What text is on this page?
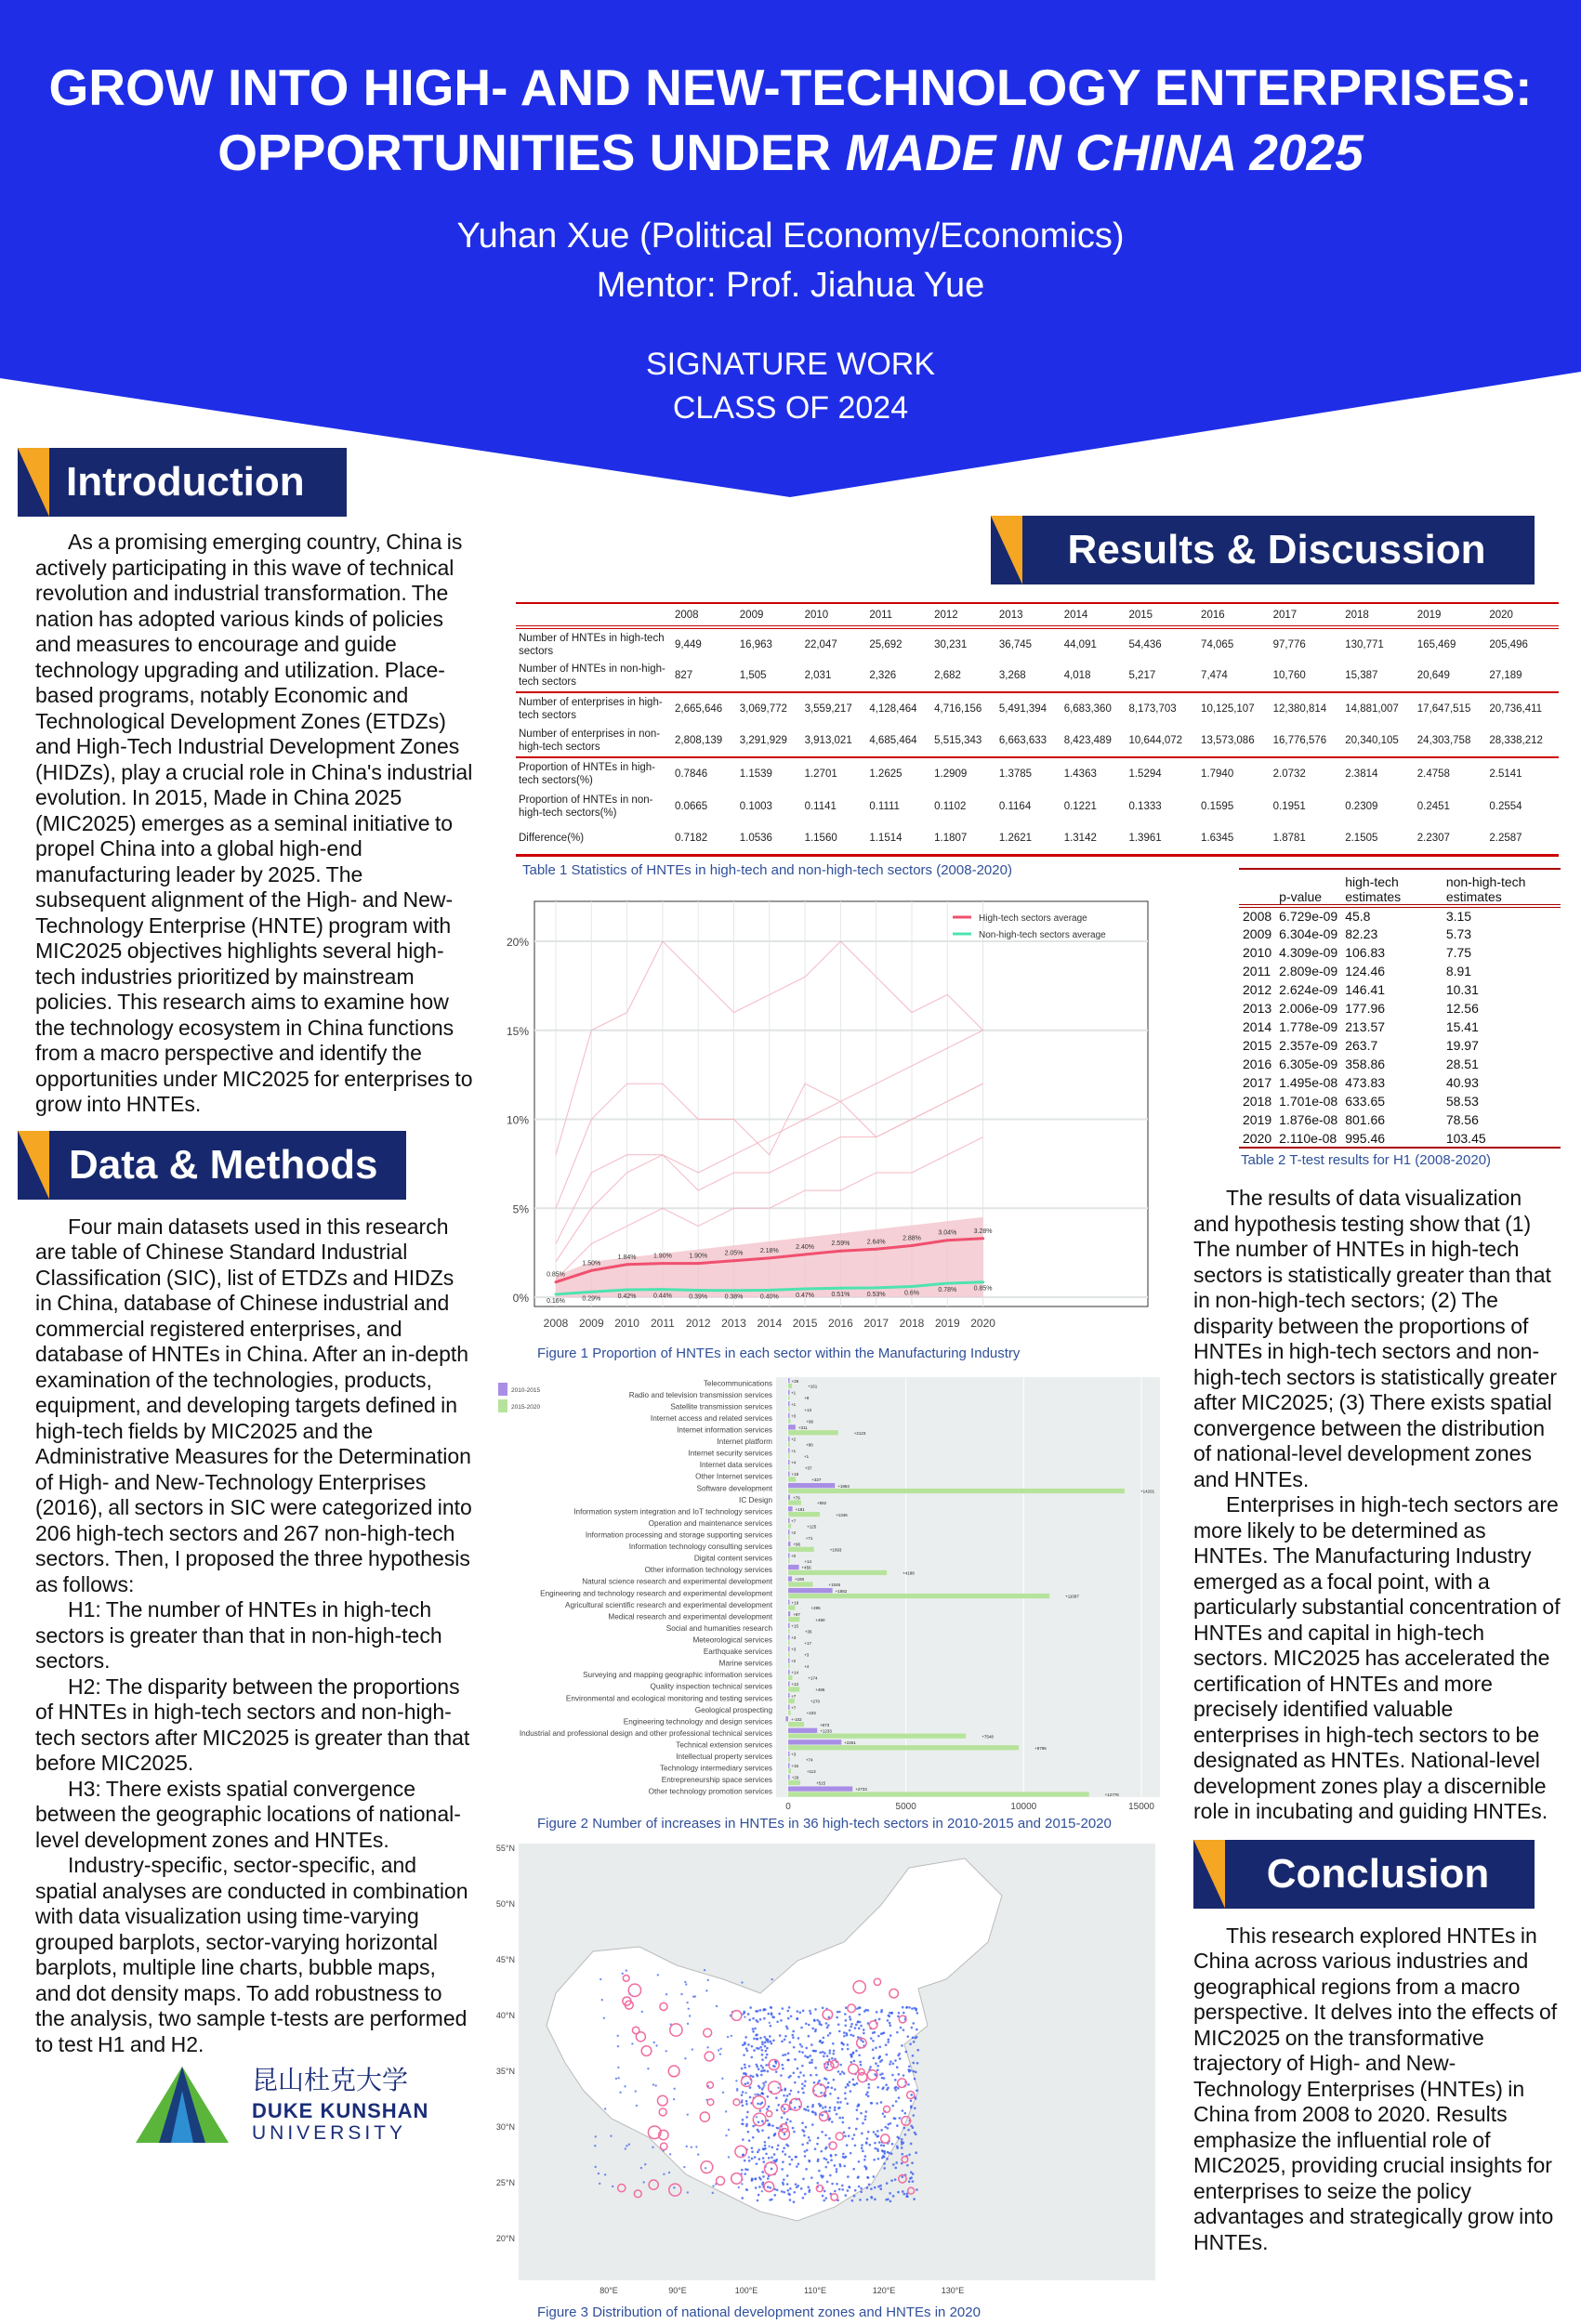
GROW INTO HIGH- AND NEW-TECHNOLOGY ENTERPRISES:
OPPORTUNITIES UNDER MADE IN CHINA 2025
Yuhan Xue (Political Economy/Economics)
Mentor: Prof. Jiahua Yue
SIGNATURE WORK
CLASS OF 2024
Introduction

As a promising emerging country, China is actively participating in this wave of technical revolution and industrial transformation. The nation has adopted various kinds of policies and measures to encourage and guide technology upgrading and utilization. Place-based programs, notably Economic and Technological Development Zones (ETDZs) and High-Tech Industrial Development Zones (HIDZs), play a crucial role in China's industrial evolution. In 2015, Made in China 2025 (MIC2025) emerges as a seminal initiative to propel China into a global high-end manufacturing leader by 2025. The subsequent alignment of the High- and New-Technology Enterprise (HNTE) program with MIC2025 objectives highlights several high-tech industries prioritized by mainstream policies. This research aims to examine how the technology ecosystem in China functions from a macro perspective and identify the opportunities under MIC2025 for enterprises to grow into HNTEs.

Data & Methods

Four main datasets used in this research are table of Chinese Standard Industrial Classification (SIC), list of ETDZs and HIDZs in China, database of Chinese industrial and commercial registered enterprises, and database of HNTEs in China. After an in-depth examination of the technologies, products, equipment, and developing targets defined in high-tech fields by MIC2025 and the Administrative Measures for the Determination of High- and New-Technology Enterprises (2016), all sectors in SIC were categorized into 206 high-tech sectors and 267 non-high-tech sectors. Then, I proposed the three hypothesis as follows:

H1: The number of HNTEs in high-tech sectors is greater than that in non-high-tech sectors.

H2: The disparity between the proportions of HNTEs in high-tech sectors and non-high-tech sectors after MIC2025 is greater than that before MIC2025.

H3: There exists spatial convergence between the geographic locations of national-level development zones and HNTEs.

Industry-specific, sector-specific, and spatial analyses are conducted in combination with data visualization using time-varying grouped barplots, sector-varying horizontal barplots, multiple line charts, bubble maps, and dot density maps. To add robustness to the analysis, two sample t-tests are performed to test H1 and H2.

昆山杜克大学
DUKE KUNSHAN
UNIVERSITY
Results & Discussion
	2008	2009	2010	2011	2012	2013	2014	2015	2016	2017	2018	2019	2020
Number of HNTEs in high-tech sectors	9,449	16,963	22,047	25,692	30,231	36,745	44,091	54,436	74,065	97,776	130,771	165,469	205,496
Number of HNTEs in non-high-tech sectors	827	1,505	2,031	2,326	2,682	3,268	4,018	5,217	7,474	10,760	15,387	20,649	27,189
Number of enterprises in high-tech sectors	2,665,646	3,069,772	3,559,217	4,128,464	4,716,156	5,491,394	6,683,360	8,173,703	10,125,107	12,380,814	14,881,007	17,647,515	20,736,411
Number of enterprises in non-high-tech sectors	2,808,139	3,291,929	3,913,021	4,685,464	5,515,343	6,663,633	8,423,489	10,644,072	13,573,086	16,776,576	20,340,105	24,303,758	28,338,212
Proportion of HNTEs in high-tech sectors(%)	0.7846	1.1539	1.2701	1.2625	1.2909	1.3785	1.4363	1.5294	1.7940	2.0732	2.3814	2.4758	2.5141
Proportion of HNTEs in non-high-tech sectors(%)	0.0665	0.1003	0.1141	0.1111	0.1102	0.1164	0.1221	0.1333	0.1595	0.1951	0.2309	0.2451	0.2554
Difference(%)	0.7182	1.0536	1.1560	1.1514	1.1807	1.2621	1.3142	1.3961	1.6345	1.8781	2.1505	2.2307	2.2587
Table 1 Statistics of HNTEs in high-tech and non-high-tech sectors (2008-2020)
0%
5%
10%
15%
20%
0.85%
1.50%
1.84%	1.90%	1.90%	2.05%	2.18%
2.40%
2.59%	2.64%
2.88%
3.04%	3.28%
High-tech sectors average
0.16%	0.29%	0.42%	0.44%	0.39%	0.38%	0.40%	0.47%	0.51%	0.53%	0.6%	0.78%	0.85%
Non-high-tech sectors average
2008 2009 2010 2011 2012 2013 2014 2015 2016 2017 2018 2019 2020
Figure 1 Proportion of HNTEs in each sector within the Manufacturing Industry
0	5000	10000	15000
Telecommunications	+26
+161
Radio and television transmission services	+1
+8
Satellite transmission services	+1
+13
Internet access and related services	+3
+96
Internet information services	+311
+2123
Internet platform	+2
+80
Internet security services	+1
+1
Internet data services	+4
+37
Other Internet services	+18
+327
Software development	+1984
+14291
IC Design	+79
+552
Information system integration and IoT technology services	+181
+1346
Operation and maintenance services	+7
+125
Information processing and storage supporting services	+2
+71
Information technology consulting services	+96
+1093
Digital content services	+0
+14
Other information technology services	+456
+4188
Natural science research and experimental development	+160
+1046
Engineering and technology research and experimental development	+1882
+11097
Agricultural scientific research and experimental development	+19
+295
Medical research and experimental development	+87
+490
Social and humanities research	+15
+36
Meteorological services	+3
+17
Earthquake services	+3
+3
Marine services	+2
+4
Surveying and mapping geographic information services	+14
+174
Quality inspection technical services	+13
+486
Environmental and ecological monitoring and testing services	+7
+270
Geological prospecting	+7
+103
Engineering technology and design services	+-102
+673
Industrial and professional design and other professional technical services	+1233
+7548
Technical extension services	+2261
+9796
Intellectual property services	+3
+74
Technology intermediary services	+15
+113
Entrepreneurship space services	+29
+515
Other technology promotion services	+2733
+12776
2010-2015
2015-2020
Figure 2 Number of increases in HNTEs in 36 high-tech sectors in 2010-2015 and 2015-2020
55°N
50°N
45°N
40°N
35°N
30°N
25°N
20°N
80°E	90°E	100°E	110°E	120°E	130°E
Figure 3 Distribution of national development zones and HNTEs in 2020
	p-value	high-tech estimates	non-high-tech estimates
2008	6.729e-09	45.8	3.15
2009	6.304e-09	82.23	5.73
2010	4.309e-09	106.83	7.75
2011	2.809e-09	124.46	8.91
2012	2.624e-09	146.41	10.31
2013	2.006e-09	177.96	12.56
2014	1.778e-09	213.57	15.41
2015	2.357e-09	263.7	19.97
2016	6.305e-09	358.86	28.51
2017	1.495e-08	473.83	40.93
2018	1.701e-08	633.65	58.53
2019	1.876e-08	801.66	78.56
2020	2.110e-08	995.46	103.45
Table 2 T-test results for H1 (2008-2020)

The results of data visualization and hypothesis testing show that (1) The number of HNTEs in high-tech sectors is statistically greater than that in non-high-tech sectors; (2) The disparity between the proportions of HNTEs in high-tech sectors and non-high-tech sectors is statistically greater after MIC2025; (3) There exists spatial convergence between the distribution of national-level development zones and HNTEs.

Enterprises in high-tech sectors are more likely to be determined as HNTEs. The Manufacturing Industry emerged as a focal point, with a particularly substantial concentration of HNTEs and capital in high-tech sectors. MIC2025 has accelerated the certification of HNTEs and more precisely identified valuable enterprises in high-tech sectors to be designated as HNTEs. National-level development zones play a discernible role in incubating and guiding HNTEs.

Conclusion

This research explored HNTEs in China across various industries and geographical regions from a macro perspective. It delves into the effects of MIC2025 on the transformative trajectory of High- and New-Technology Enterprises (HNTEs) in China from 2008 to 2020. Results emphasize the influential role of MIC2025, providing crucial insights for enterprises to seize the policy advantages and strategically grow into HNTEs.
